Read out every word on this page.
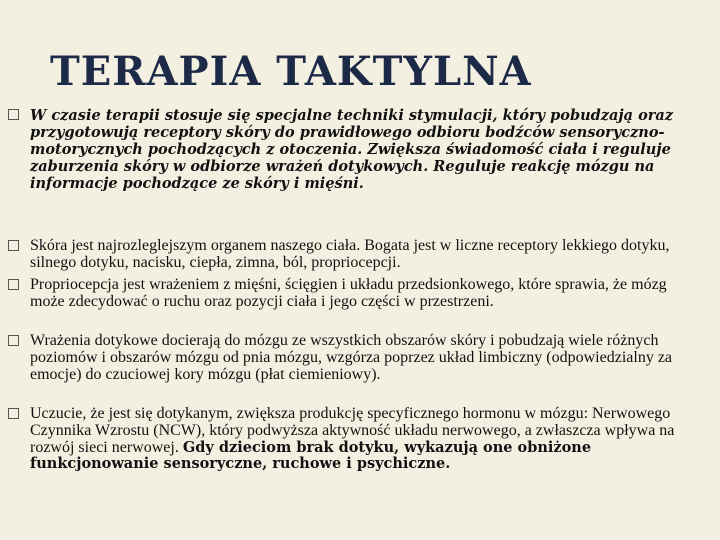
TERAPIA TAKTYLNA

W czasie terapii stosuje się specjalne techniki stymulacji, który pobudzają oraz przygotowują receptory skóry do prawidłowego odbioru bodźców sensoryczno-motorycznych pochodzących z otoczenia. Zwiększa świadomość ciała i reguluje zaburzenia skóry w odbiorze wrażeń dotykowych. Reguluje reakcję mózgu na informacje pochodzące ze skóry i mięśni.

Skóra jest najrozleglejszym organem naszego ciała. Bogata jest w liczne receptory lekkiego dotyku, silnego dotyku, nacisku, ciepła, zimna, ból, propriocepcji.

Propriocepcja jest wrażeniem z mięśni, ścięgien i układu przedsionkowego, które sprawia, że mózg może zdecydować o ruchu oraz pozycji ciała i jego części w przestrzeni.

Wrażenia dotykowe docierają do mózgu ze wszystkich obszarów skóry i pobudzają wiele różnych poziomów i obszarów mózgu od pnia mózgu, wzgórza poprzez układ limbiczny (odpowiedzialny za emocje) do czuciowej kory mózgu (płat ciemieniowy).

Uczucie, że jest się dotykanym, zwiększa produkcję specyficznego hormonu w mózgu: Nerwowego Czynnika Wzrostu (NCW), który podwyższa aktywność układu nerwowego, a zwłaszcza wpływa na rozwój sieci nerwowej. Gdy dzieciom brak dotyku, wykazują one obniżone funkcjonowanie sensoryczne, ruchowe i psychiczne.
